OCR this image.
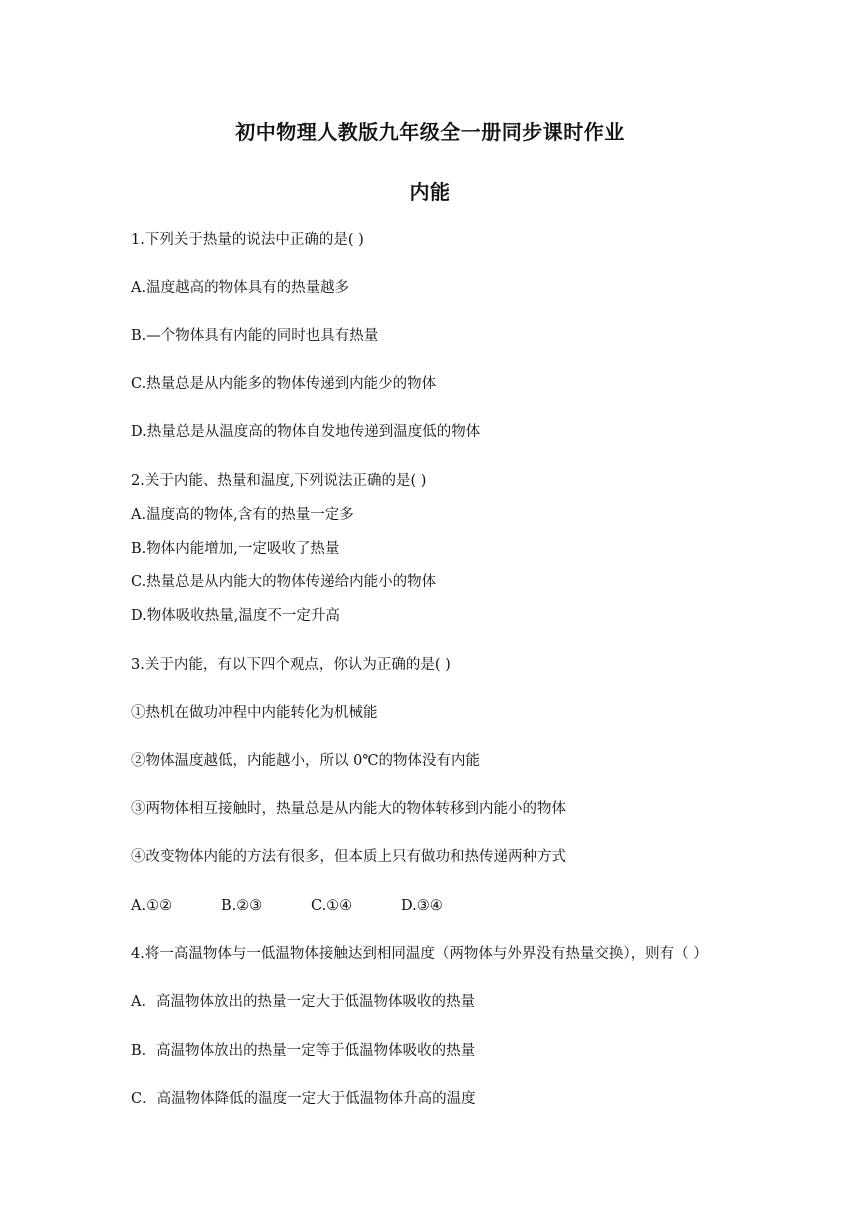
初中物理人教版九年级全一册同步课时作业
内能
1.下列关于热量的说法中正确的是( )
A.温度越高的物体具有的热量越多
B.—个物体具有内能的同时也具有热量
C.热量总是从内能多的物体传递到内能少的物体
D.热量总是从温度高的物体自发地传递到温度低的物体
2.关于内能、热量和温度,下列说法正确的是( )
A.温度高的物体,含有的热量一定多
B.物体内能增加,一定吸收了热量
C.热量总是从内能大的物体传递给内能小的物体
D.物体吸收热量,温度不一定升高
3.关于内能，有以下四个观点，你认为正确的是( )
①热机在做功冲程中内能转化为机械能
②物体温度越低，内能越小，所以 0℃的物体没有内能
③两物体相互接触时，热量总是从内能大的物体转移到内能小的物体
④改变物体内能的方法有很多，但本质上只有做功和热传递两种方式
A.①②	B.②③	C.①④	D.③④
4.将一高温物体与一低温物体接触达到相同温度（两物体与外界没有热量交换），则有（ ）
A．高温物体放出的热量一定大于低温物体吸收的热量
B．高温物体放出的热量一定等于低温物体吸收的热量
C．高温物体降低的温度一定大于低温物体升高的温度
